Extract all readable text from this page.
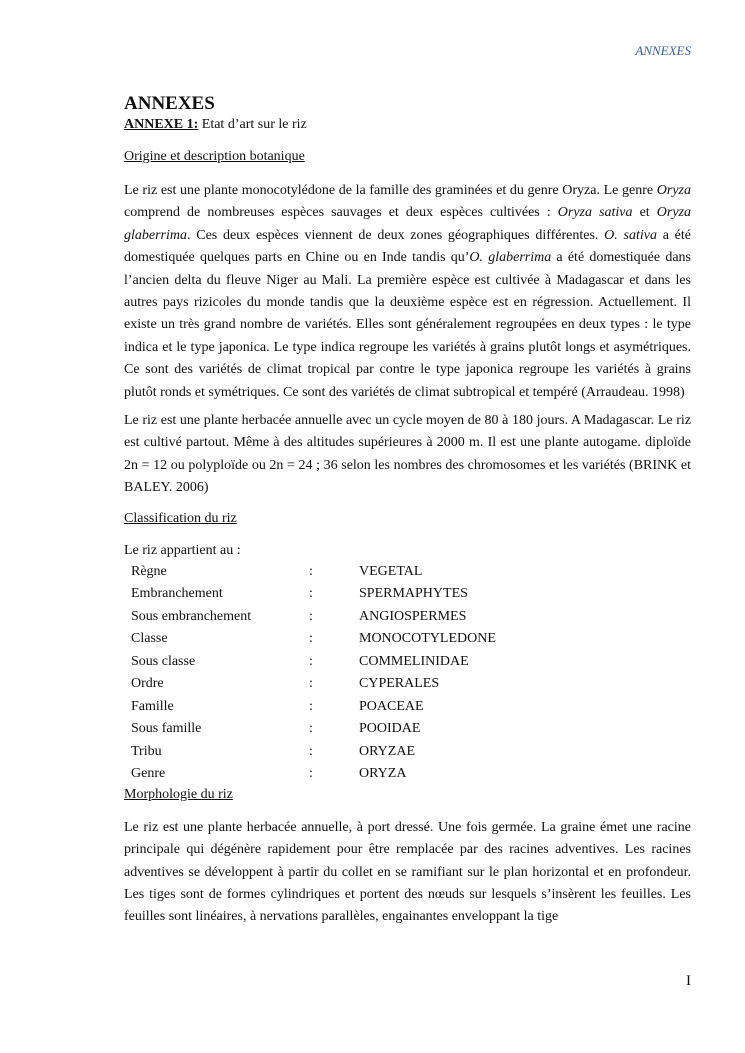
ANNEXES
ANNEXES

ANNEXE 1: Etat d’art sur le riz

Origine et description botanique

Le riz est une plante monocotylédone de la famille des graminées et du genre Oryza. Le genre Oryza comprend de nombreuses espèces sauvages et deux espèces cultivées : Oryza sativa et Oryza glaberrima. Ces deux espèces viennent de deux zones géographiques différentes. O. sativa a été domestiquée quelques parts en Chine ou en Inde tandis qu’O. glaberrima a été domestiquée dans l’ancien delta du fleuve Niger au Mali. La première espèce est cultivée à Madagascar et dans les autres pays rizicoles du monde tandis que la deuxième espèce est en régression. Actuellement. Il existe un très grand nombre de variétés. Elles sont généralement regroupées en deux types : le type indica et le type japonica. Le type indica regroupe les variétés à grains plutôt longs et asymétriques. Ce sont des variétés de climat tropical par contre le type japonica regroupe les variétés à grains plutôt ronds et symétriques. Ce sont des variétés de climat subtropical et tempéré (Arraudeau. 1998)

Le riz est une plante herbacée annuelle avec un cycle moyen de 80 à 180 jours. A Madagascar. Le riz est cultivé partout. Même à des altitudes supérieures à 2000 m. Il est une plante autogame. diploïde 2n = 12 ou polyploïde ou 2n = 24 ; 36 selon les nombres des chromosomes et les variétés (BRINK et BALEY. 2006)

Classification du riz

Le riz appartient au :

Règne	:	VEGETAL
Embranchement	:	SPERMAPHYTES
Sous embranchement	:	ANGIOSPERMES
Classe	:	MONOCOTYLEDONE
Sous classe	:	COMMELINIDAE
Ordre	:	CYPERALES
Famille	:	POACEAE
Sous famille	:	POOIDAE
Tribu	:	ORYZAE
Genre	:	ORYZA

Morphologie du riz

Le riz est une plante herbacée annuelle, à port dressé. Une fois germée. La graine émet une racine principale qui dégénère rapidement pour être remplacée par des racines adventives. Les racines adventives se développent à partir du collet en se ramifiant sur le plan horizontal et en profondeur. Les tiges sont de formes cylindriques et portent des nœuds sur lesquels s’insèrent les feuilles. Les feuilles sont linéaires, à nervations parallèles, engainantes enveloppant la tige

I
